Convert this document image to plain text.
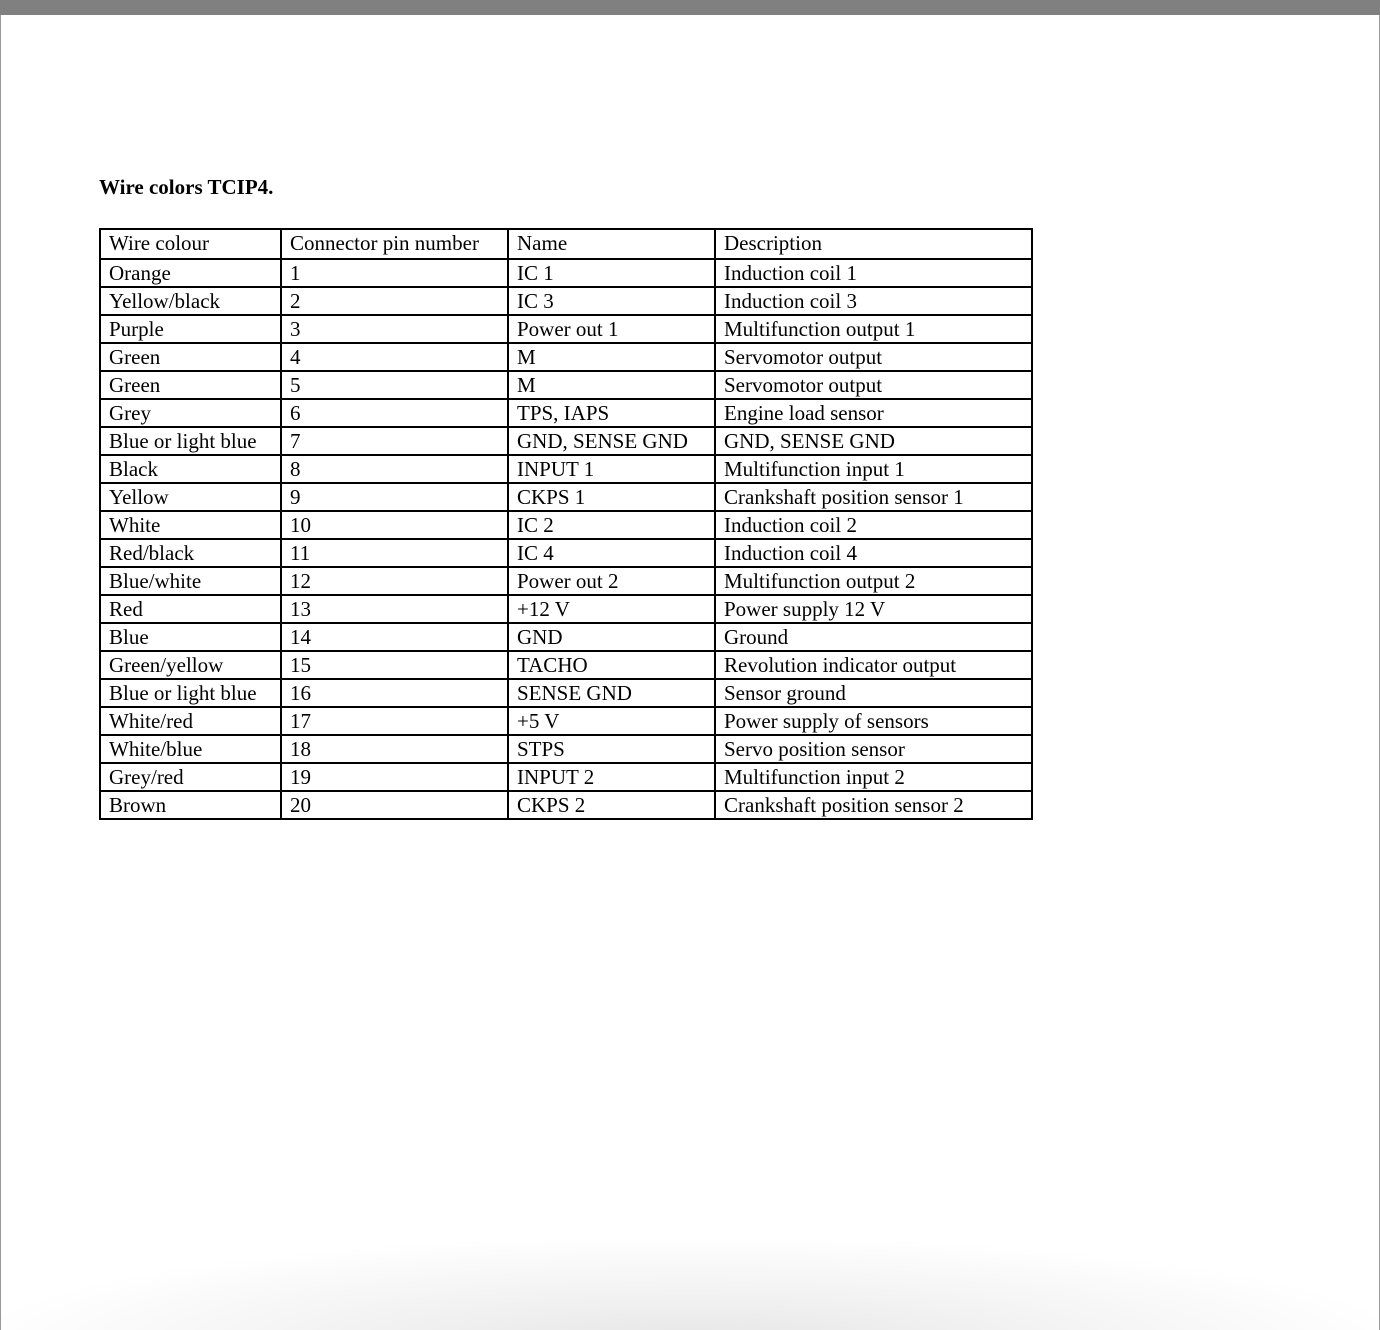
Wire colors TCIP4.
Wire colour	Connector pin number	Name	Description
Orange	1	IC 1	Induction coil 1
Yellow/black	2	IC 3	Induction coil 3
Purple	3	Power out 1	Multifunction output 1
Green	4	M	Servomotor output
Green	5	M	Servomotor output
Grey	6	TPS, IAPS	Engine load sensor
Blue or light blue	7	GND, SENSE GND	GND, SENSE GND
Black	8	INPUT 1	Multifunction input 1
Yellow	9	CKPS 1	Crankshaft position sensor 1
White	10	IC 2	Induction coil 2
Red/black	11	IC 4	Induction coil 4
Blue/white	12	Power out 2	Multifunction output 2
Red	13	+12 V	Power supply 12 V
Blue	14	GND	Ground
Green/yellow	15	TACHO	Revolution indicator output
Blue or light blue	16	SENSE GND	Sensor ground
White/red	17	+5 V	Power supply of sensors
White/blue	18	STPS	Servo position sensor
Grey/red	19	INPUT 2	Multifunction input 2
Brown	20	CKPS 2	Crankshaft position sensor 2
